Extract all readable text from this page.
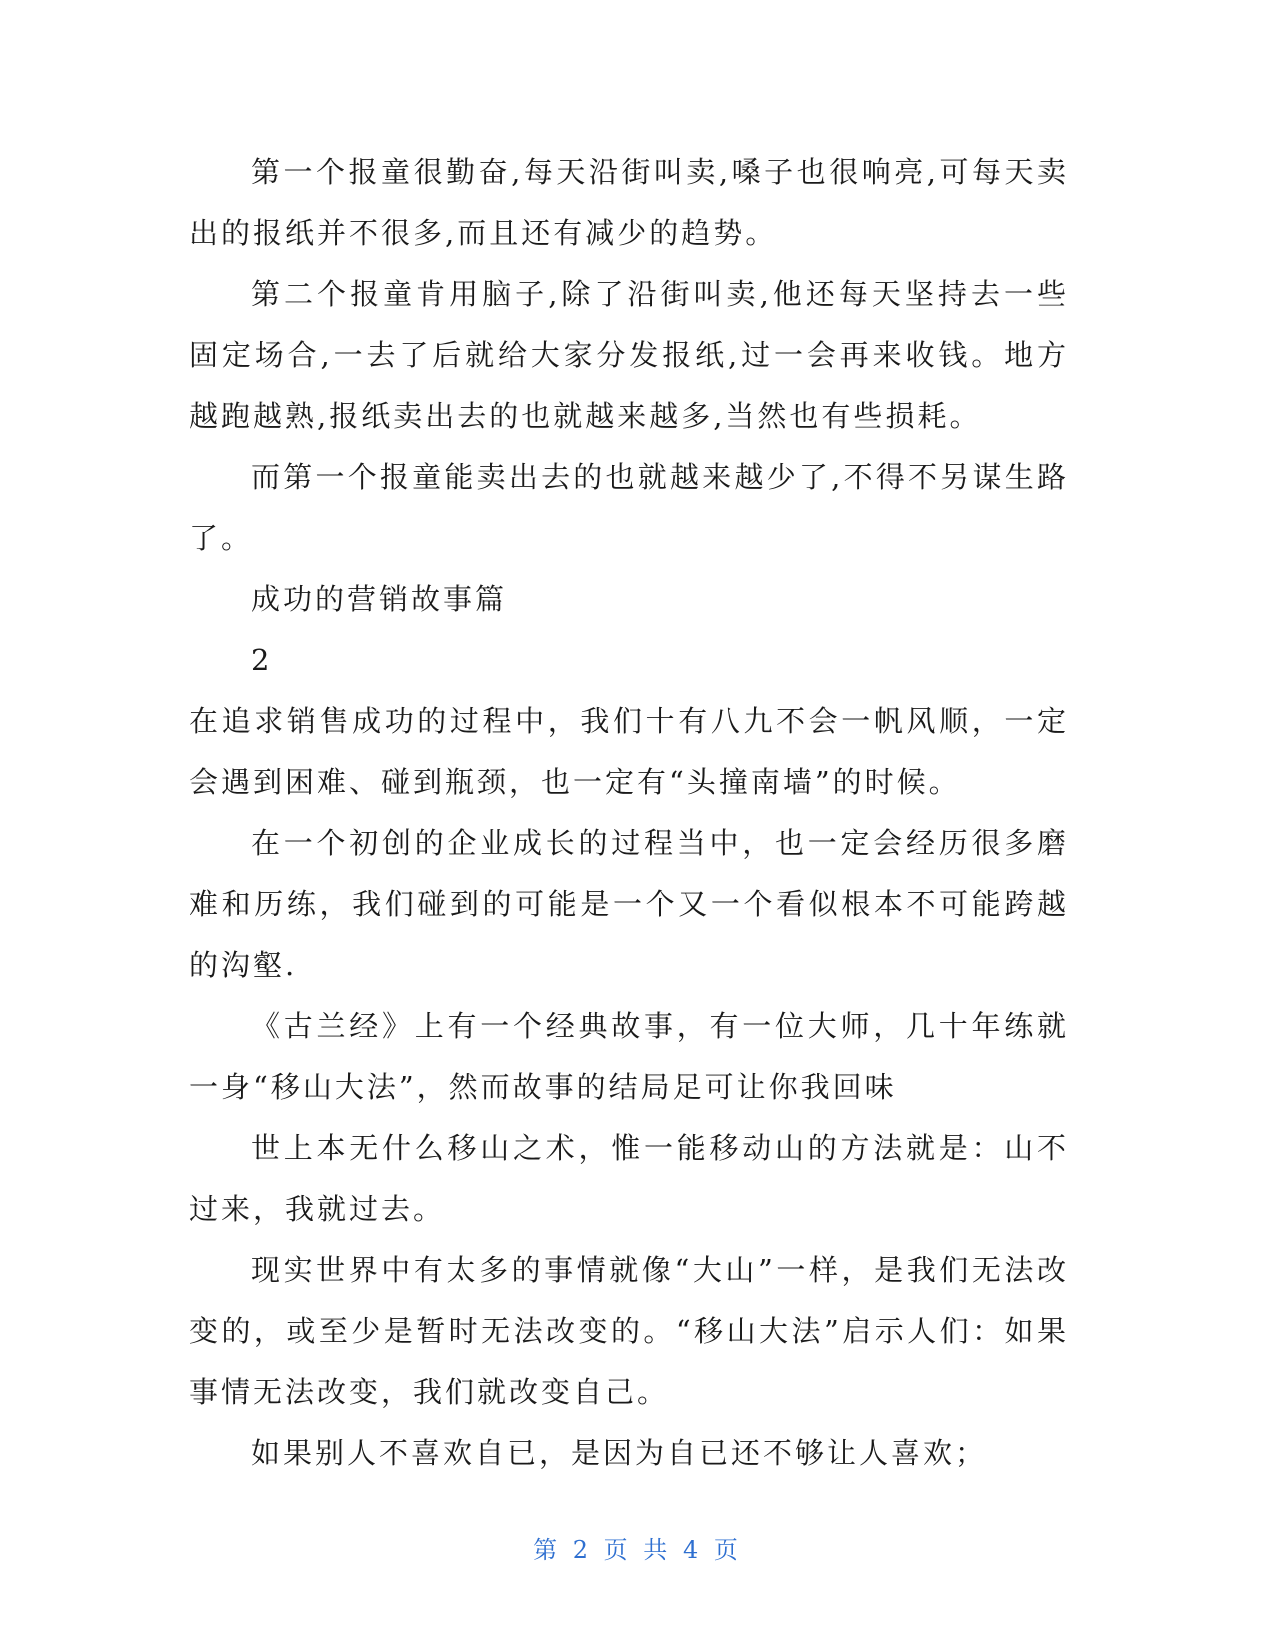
第一个报童很勤奋,每天沿街叫卖,嗓子也很响亮,可每天卖出的报纸并不很多,而且还有减少的趋势。

第二个报童肯用脑子,除了沿街叫卖,他还每天坚持去一些固定场合,一去了后就给大家分发报纸,过一会再来收钱。地方越跑越熟,报纸卖出去的也就越来越多,当然也有些损耗。

而第一个报童能卖出去的也就越来越少了,不得不另谋生路了。

成功的营销故事篇

2

在追求销售成功的过程中，我们十有八九不会一帆风顺，一定会遇到困难、碰到瓶颈，也一定有“头撞南墙”的时候。

在一个初创的企业成长的过程当中，也一定会经历很多磨难和历练，我们碰到的可能是一个又一个看似根本不可能跨越的沟壑.

《古兰经》上有一个经典故事，有一位大师，几十年练就一身“移山大法”，然而故事的结局足可让你我回味

世上本无什么移山之术，惟一能移动山的方法就是：山不过来，我就过去。

现实世界中有太多的事情就像“大山”一样，是我们无法改变的，或至少是暂时无法改变的。“移山大法”启示人们：如果事情无法改变，我们就改变自己。

如果别人不喜欢自已，是因为自已还不够让人喜欢；

第 2 页 共 4 页
